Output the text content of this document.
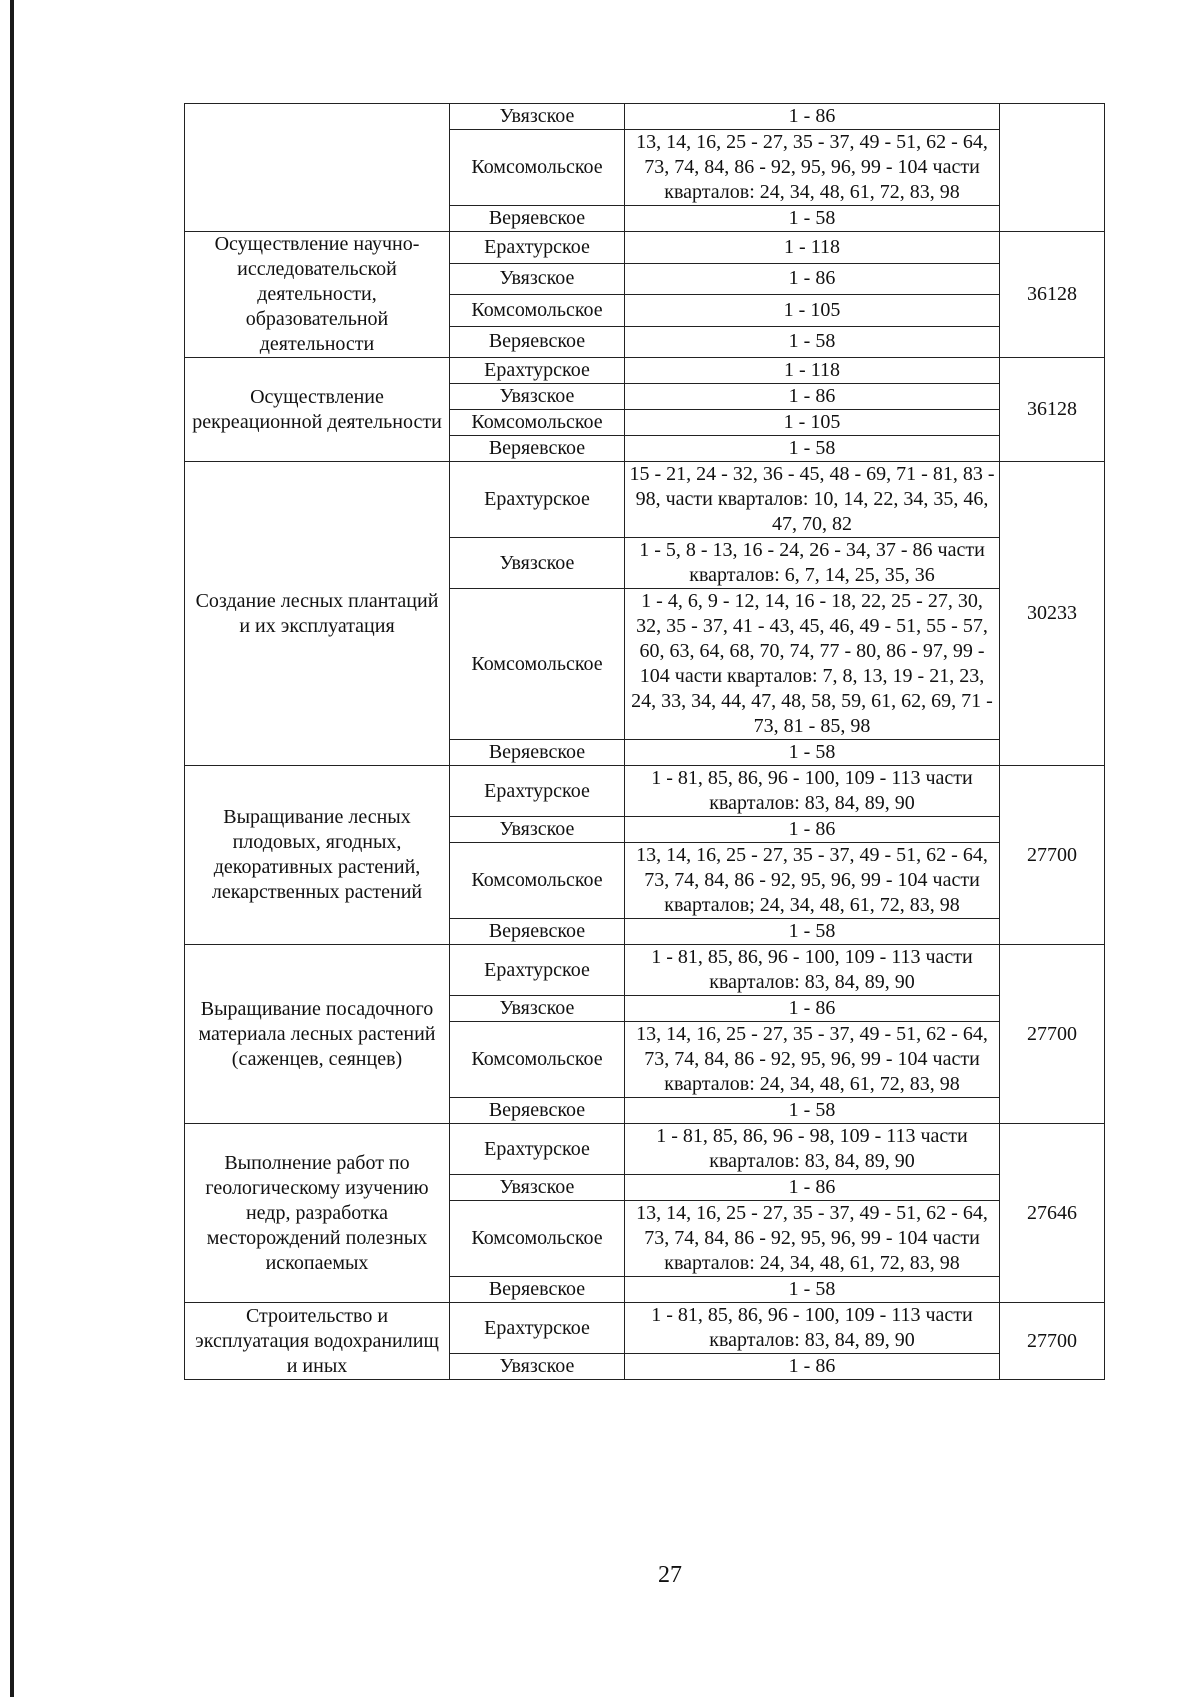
	Увязское	1 - 86	
	Комсомольское	13, 14, 16, 25 - 27, 35 - 37, 49 - 51, 62 - 64, 73, 74, 84, 86 - 92, 95, 96, 99 - 104 части кварталов: 24, 34, 48, 61, 72, 83, 98	
	Веряевское	1 - 58	
Осуществление научно-исследовательской деятельности, образовательной деятельности	Ерахтурское	1 - 118	36128
	Увязское	1 - 86	
	Комсомольское	1 - 105	
	Веряевское	1 - 58	
Осуществление рекреационной деятельности	Ерахтурское	1 - 118	36128
	Увязское	1 - 86	
	Комсомольское	1 - 105	
	Веряевское	1 - 58	
Создание лесных плантаций и их эксплуатация	Ерахтурское	15 - 21, 24 - 32, 36 - 45, 48 - 69, 71 - 81, 83 - 98, части кварталов: 10, 14, 22, 34, 35, 46, 47, 70, 82	30233
	Увязское	1 - 5, 8 - 13, 16 - 24, 26 - 34, 37 - 86 части кварталов: 6, 7, 14, 25, 35, 36	
	Комсомольское	1 - 4, 6, 9 - 12, 14, 16 - 18, 22, 25 - 27, 30, 32, 35 - 37, 41 - 43, 45, 46, 49 - 51, 55 - 57, 60, 63, 64, 68, 70, 74, 77 - 80, 86 - 97, 99 - 104 части кварталов: 7, 8, 13, 19 - 21, 23, 24, 33, 34, 44, 47, 48, 58, 59, 61, 62, 69, 71 - 73, 81 - 85, 98	
	Веряевское	1 - 58	
Выращивание лесных плодовых, ягодных, декоративных растений, лекарственных растений	Ерахтурское	1 - 81, 85, 86, 96 - 100, 109 - 113 части кварталов: 83, 84, 89, 90	27700
	Увязское	1 - 86	
	Комсомольское	13, 14, 16, 25 - 27, 35 - 37, 49 - 51, 62 - 64, 73, 74, 84, 86 - 92, 95, 96, 99 - 104 части кварталов; 24, 34, 48, 61, 72, 83, 98	
	Веряевское	1 - 58	
Выращивание посадочного материала лесных растений (саженцев, сеянцев)	Ерахтурское	1 - 81, 85, 86, 96 - 100, 109 - 113 части кварталов: 83, 84, 89, 90	27700
	Увязское	1 - 86	
	Комсомольское	13, 14, 16, 25 - 27, 35 - 37, 49 - 51, 62 - 64, 73, 74, 84, 86 - 92, 95, 96, 99 - 104 части кварталов: 24, 34, 48, 61, 72, 83, 98	
	Веряевское	1 - 58	
Выполнение работ по геологическому изучению недр, разработка месторождений полезных ископаемых	Ерахтурское	1 - 81, 85, 86, 96 - 98, 109 - 113 части кварталов: 83, 84, 89, 90	27646
	Увязское	1 - 86	
	Комсомольское	13, 14, 16, 25 - 27, 35 - 37, 49 - 51, 62 - 64, 73, 74, 84, 86 - 92, 95, 96, 99 - 104 части кварталов: 24, 34, 48, 61, 72, 83, 98	
	Веряевское	1 - 58	
Строительство и эксплуатация водохранилищ и иных	Ерахтурское	1 - 81, 85, 86, 96 - 100, 109 - 113 части кварталов: 83, 84, 89, 90	27700
	Увязское	1 - 86	
27
